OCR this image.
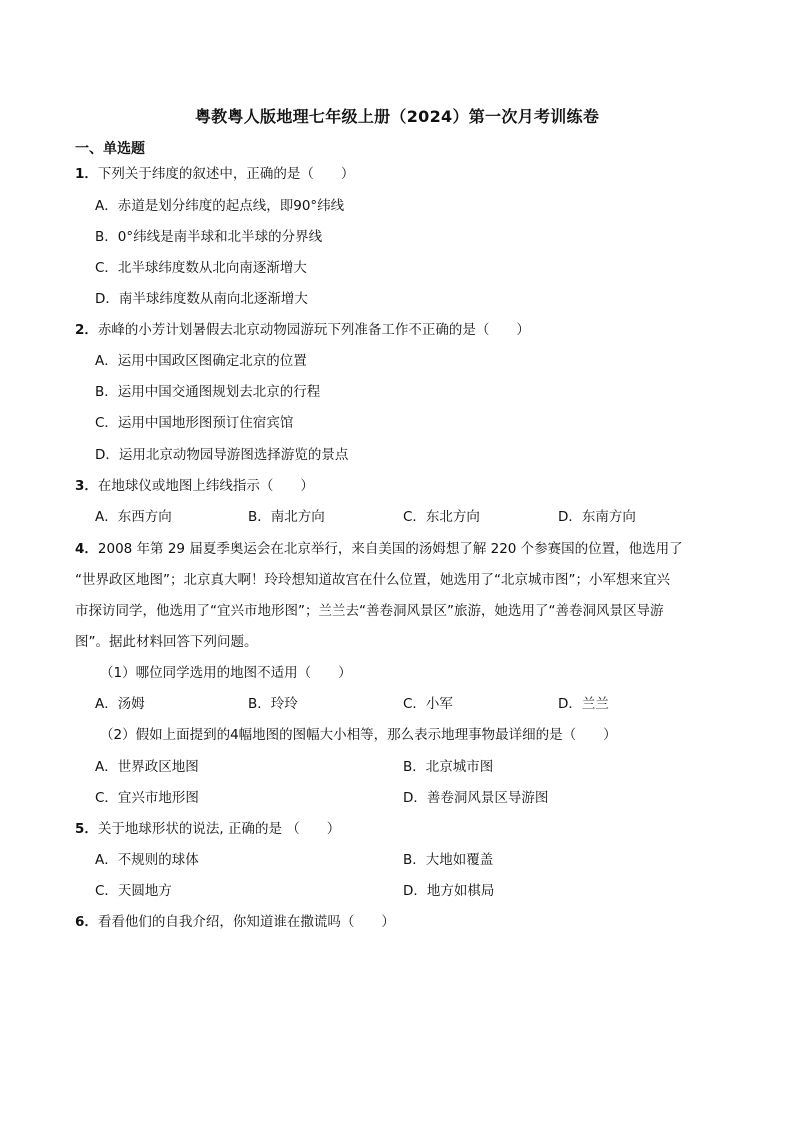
粤教粤人版地理七年级上册（2024）第一次月考训练卷
一、单选题
1．下列关于纬度的叙述中，正确的是（　　）
A．赤道是划分纬度的起点线，即90°纬线
B．0°纬线是南半球和北半球的分界线
C．北半球纬度数从北向南逐渐增大
D．南半球纬度数从南向北逐渐增大
2．赤峰的小芳计划暑假去北京动物园游玩下列准备工作不正确的是（　　）
A．运用中国政区图确定北京的位置
B．运用中国交通图规划去北京的行程
C．运用中国地形图预订住宿宾馆
D．运用北京动物园导游图选择游览的景点
3．在地球仪或地图上纬线指示（　　）
A．东西方向	B．南北方向	C．东北方向	D．东南方向
4．2008 年第 29 届夏季奥运会在北京举行，来自美国的汤姆想了解 220 个参赛国的位置，他选用了
“世界政区地图”；北京真大啊！玲玲想知道故宫在什么位置，她选用了“北京城市图”；小军想来宜兴
市探访同学，他选用了“宜兴市地形图”；兰兰去“善卷洞风景区”旅游，她选用了“善卷洞风景区导游
图”。据此材料回答下列问题。
（1）哪位同学选用的地图不适用（　　）
A．汤姆	B．玲玲	C．小军	D．兰兰
（2）假如上面提到的4幅地图的图幅大小相等，那么表示地理事物最详细的是（　　）
A．世界政区地图	B．北京城市图
C．宜兴市地形图	D．善卷洞风景区导游图
5．关于地球形状的说法, 正确的是 （　　）
A．不规则的球体	B．大地如覆盖
C．天圆地方	D．地方如棋局
6．看看他们的自我介绍，你知道谁在撒谎吗（　　）
